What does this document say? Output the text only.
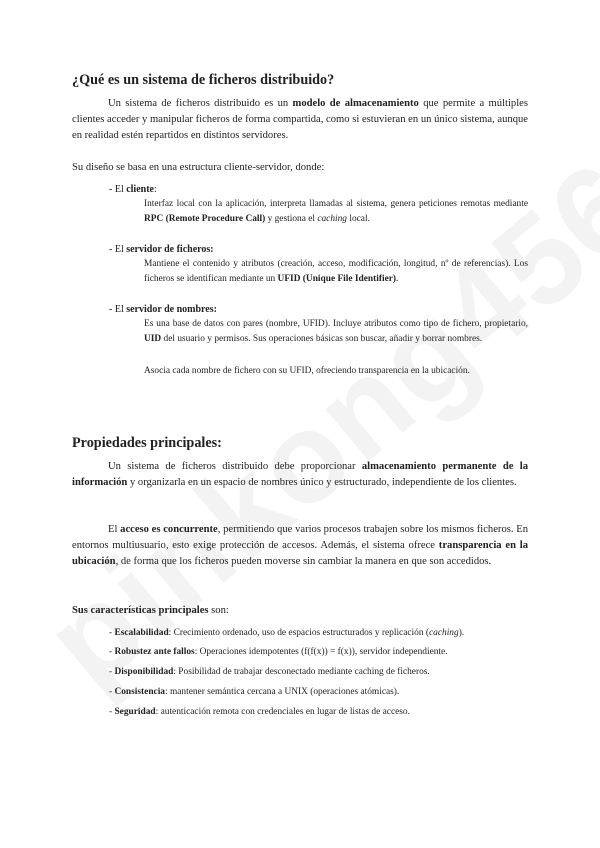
¿Qué es un sistema de ficheros distribuido?

Un sistema de ficheros distribuido es un modelo de almacenamiento que permite a múltiples clientes acceder y manipular ficheros de forma compartida, como si estuvieran en un único sistema, aunque en realidad estén repartidos en distintos servidores.

Su diseño se basa en una estructura cliente-servidor, donde:

- El cliente:

Interfaz local con la aplicación, interpreta llamadas al sistema, genera peticiones remotas mediante RPC (Remote Procedure Call) y gestiona el caching local.

- El servidor de ficheros:

Mantiene el contenido y atributos (creación, acceso, modificación, longitud, nº de referencias). Los ficheros se identifican mediante un UFID (Unique File Identifier).

- El servidor de nombres:

Es una base de datos con pares (nombre, UFID). Incluye atributos como tipo de fichero, propietario, UID del usuario y permisos. Sus operaciones básicas son buscar, añadir y borrar nombres.

Asocia cada nombre de fichero con su UFID, ofreciendo transparencia en la ubicación.

Propiedades principales:

Un sistema de ficheros distribuido debe proporcionar almacenamiento permanente de la información y organizarla en un espacio de nombres único y estructurado, independiente de los clientes.

El acceso es concurrente, permitiendo que varios procesos trabajen sobre los mismos ficheros. En entornos multiusuario, esto exige protección de accesos. Además, el sistema ofrece transparencia en la ubicación, de forma que los ficheros pueden moverse sin cambiar la manera en que son accedidos.

Sus características principales son:

- Escalabilidad: Crecimiento ordenado, uso de espacios estructurados y replicación (caching).

- Robustez ante fallos: Operaciones idempotentes (f(f(x)) = f(x)), servidor independiente.

- Disponibilidad: Posibilidad de trabajar desconectado mediante caching de ficheros.

- Consistencia: mantener semántica cercana a UNIX (operaciones atómicas).

- Seguridad: autenticación remota con credenciales en lugar de listas de acceso.
